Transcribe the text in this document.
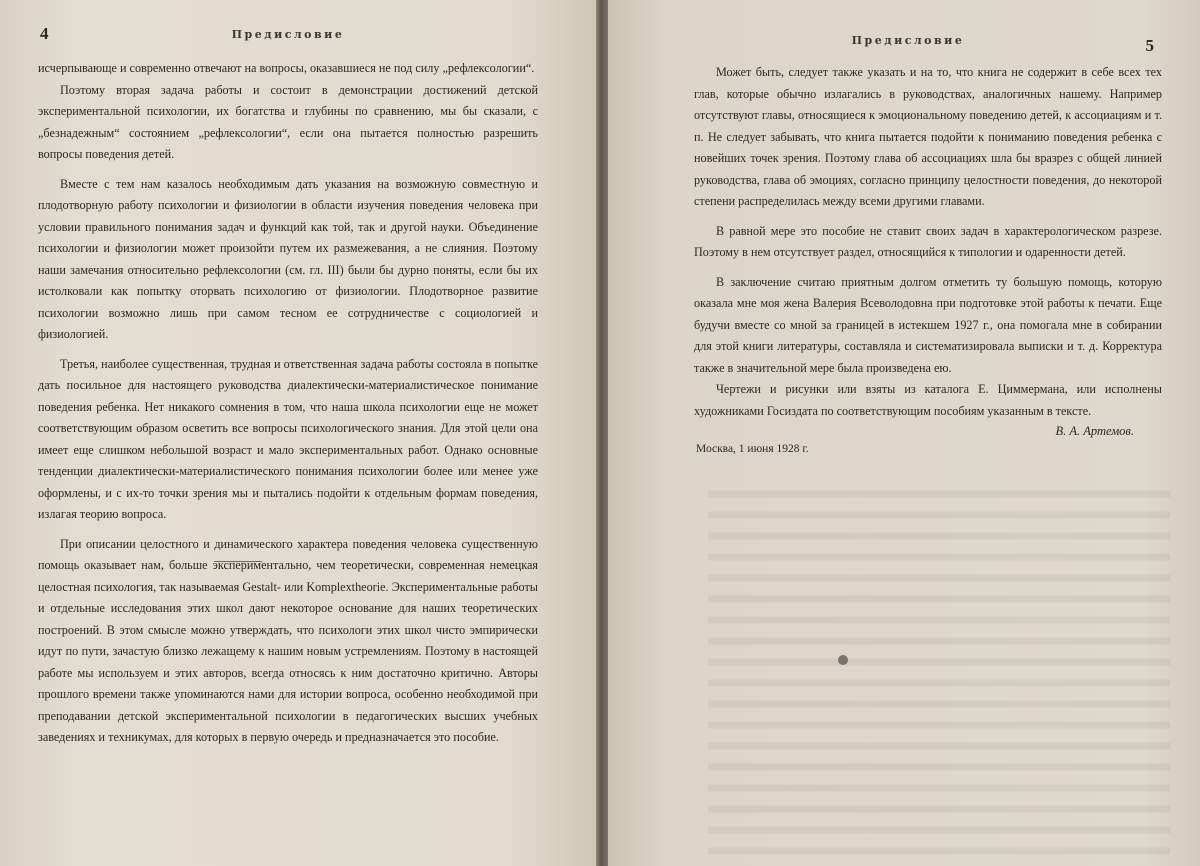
4	Предисловие

исчерпывающе и современно отвечают на вопросы, оказавшиеся не под силу „рефлексологии“.

Поэтому вторая задача работы и состоит в демонстрации достижений детской экспериментальной психологии, их богатства и глубины по сравнению, мы бы сказали, с „безнадежным“ состоянием „рефлексологии“, если она пытается полностью разрешить вопросы поведения детей.

Вместе с тем нам казалось необходимым дать указания на возможную совместную и плодотворную работу психологии и физиологии в области изучения поведения человека при условии правильного понимания задач и функций как той, так и другой науки. Объединение психологии и физиологии может произойти путем их размежевания, а не слияния. Поэтому наши замечания относительно рефлексологии (см. гл. III) были бы дурно поняты, если бы их истолковали как попытку оторвать психологию от физиологии. Плодотворное развитие психологии возможно лишь при самом тесном ее сотрудничестве с социологией и физиологией.

Третья, наиболее существенная, трудная и ответственная задача работы состояла в попытке дать посильное для настоящего руководства диалектически-материалистическое понимание поведения ребенка. Нет никакого сомнения в том, что наша школа психологии еще не может соответствующим образом осветить все вопросы психологического знания. Для этой цели она имеет еще слишком небольшой возраст и мало экспериментальных работ. Однако основные тенденции диалектически-материалистического понимания психологии более или менее уже оформлены, и с их-то точки зрения мы и пытались подойти к отдельным формам поведения, излагая теорию вопроса.

При описании целостного и динамического характера поведения человека существенную помощь оказывает нам, больше экспериментально, чем теоретически, современная немецкая целостная психология, так называемая Gestalt- или Komplextheorie. Экспериментальные работы и отдельные исследования этих школ дают некоторое основание для наших теоретических построений. В этом смысле можно утверждать, что психологи этих школ чисто эмпирически идут по пути, зачастую близко лежащему к нашим новым устремлениям. Поэтому в настоящей работе мы используем и этих авторов, всегда относясь к ним достаточно критично. Авторы прошлого времени также упоминаются нами для истории вопроса, особенно необходимой при преподавании детской экспериментальной психологии в педагогических высших учебных заведениях и техникумах, для которых в первую очередь и предназначается это пособие.

Предисловие	5

Может быть, следует также указать и на то, что книга не содержит в себе всех тех глав, которые обычно излагались в руководствах, аналогичных нашему. Например отсутствуют главы, относящиеся к эмоциональному поведению детей, к ассоциациям и т. п. Не следует забывать, что книга пытается подойти к пониманию поведения ребенка с новейших точек зрения. Поэтому глава об ассоциациях шла бы вразрез с общей линией руководства, глава об эмоциях, согласно принципу целостности поведения, до некоторой степени распределилась между всеми другими главами.

В равной мере это пособие не ставит своих задач в характерологическом разрезе. Поэтому в нем отсутствует раздел, относящийся к типологии и одаренности детей.

В заключение считаю приятным долгом отметить ту большую помощь, которую оказала мне моя жена Валерия Всеволодовна при подготовке этой работы к печати. Еще будучи вместе со мной за границей в истекшем 1927 г., она помогала мне в собирании для этой книги литературы, составляла и систематизировала выписки и т. д. Корректура также в значительной мере была произведена ею.

Чертежи и рисунки или взяты из каталога Е. Циммермана, или исполнены художниками Госиздата по соответствующим пособиям указанным в тексте.

В. А. Артемов.
Москва, 1 июня 1928 г.
